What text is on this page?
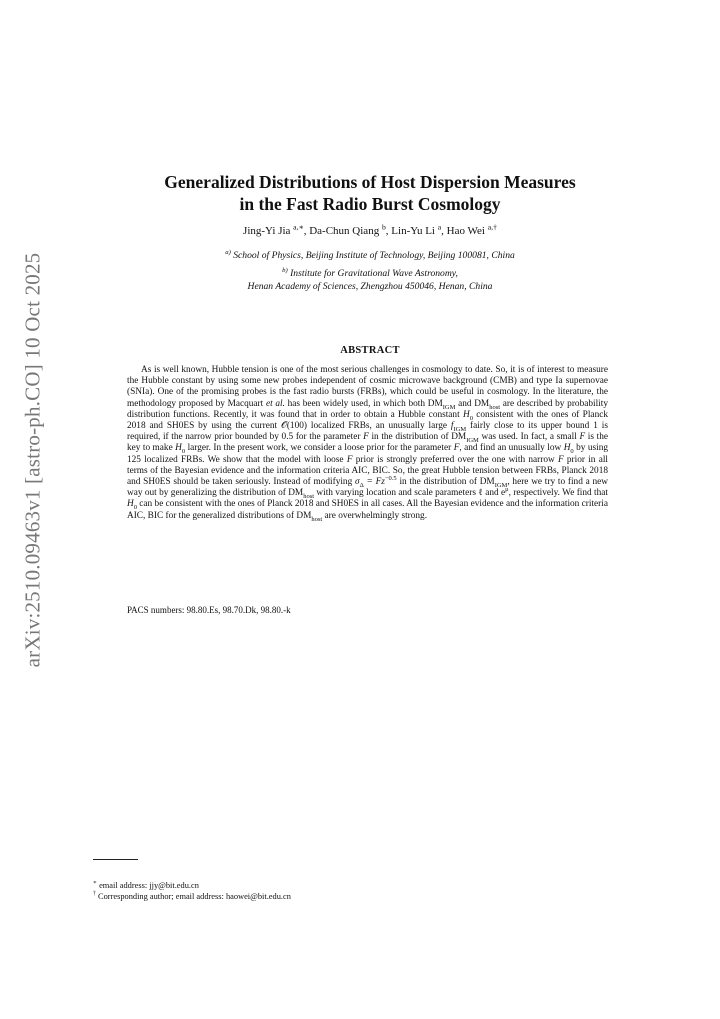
arXiv:2510.09463v1 [astro-ph.CO] 10 Oct 2025
Generalized Distributions of Host Dispersion Measures
in the Fast Radio Burst Cosmology
Jing-Yi Jia $^{a,∗}$, Da-Chun Qiang $^b$, Lin-Yu Li $^a$, Hao Wei $^{a,\dagger}$
$^{a)}$ School of Physics, Beijing Institute of Technology, Beijing 100081, China
$^{b)}$ Institute for Gravitational Wave Astronomy,
Henan Academy of Sciences, Zhengzhou 450046, Henan, China
ABSTRACT

As is well known, Hubble tension is one of the most serious challenges in cosmology to date. So, it is of interest to measure the Hubble constant by using some new probes independent of cosmic microwave background (CMB) and type Ia supernovae (SNIa). One of the promising probes is the fast radio bursts (FRBs), which could be useful in cosmology. In the literature, the methodology proposed by Macquart et al. has been widely used, in which both $DM_{IGM}$ and $DM_{host}$ are described by probability distribution functions. Recently, it was found that in order to obtain a Hubble constant $H_0$ consistent with the ones of Planck 2018 and SH0ES by using the current 𝒪(100) localized FRBs, an unusually large $f_{IGM}$ fairly close to its upper bound 1 is required, if the narrow prior bounded by 0.5 for the parameter F in the distribution of $DM_{IGM}$ was used. In fact, a small F is the key to make $H_0$ larger. In the present work, we consider a loose prior for the parameter F, and find an unusually low $H_0$ by using 125 localized FRBs. We show that the model with loose F prior is strongly preferred over the one with narrow F prior in all terms of the Bayesian evidence and the information criteria AIC, BIC. So, the great Hubble tension between FRBs, Planck 2018 and SH0ES should be taken seriously. Instead of modifying $\sigma_\Delta = Fz^{-0.5}$ in the distribution of $DM_{IGM}$, here we try to find a new way out by generalizing the distribution of $DM_{host}$ with varying location and scale parameters ℓ and $e^\mu$, respectively. We find that $H_0$ can be consistent with the ones of Planck 2018 and SH0ES in all cases. All the Bayesian evidence and the information criteria AIC, BIC for the generalized distributions of $DM_{host}$ are overwhelmingly strong.

PACS numbers: 98.80.Es, 98.70.Dk, 98.80.-k
∗ email address: jjy@bit.edu.cn
† Corresponding author; email address: haowei@bit.edu.cn
